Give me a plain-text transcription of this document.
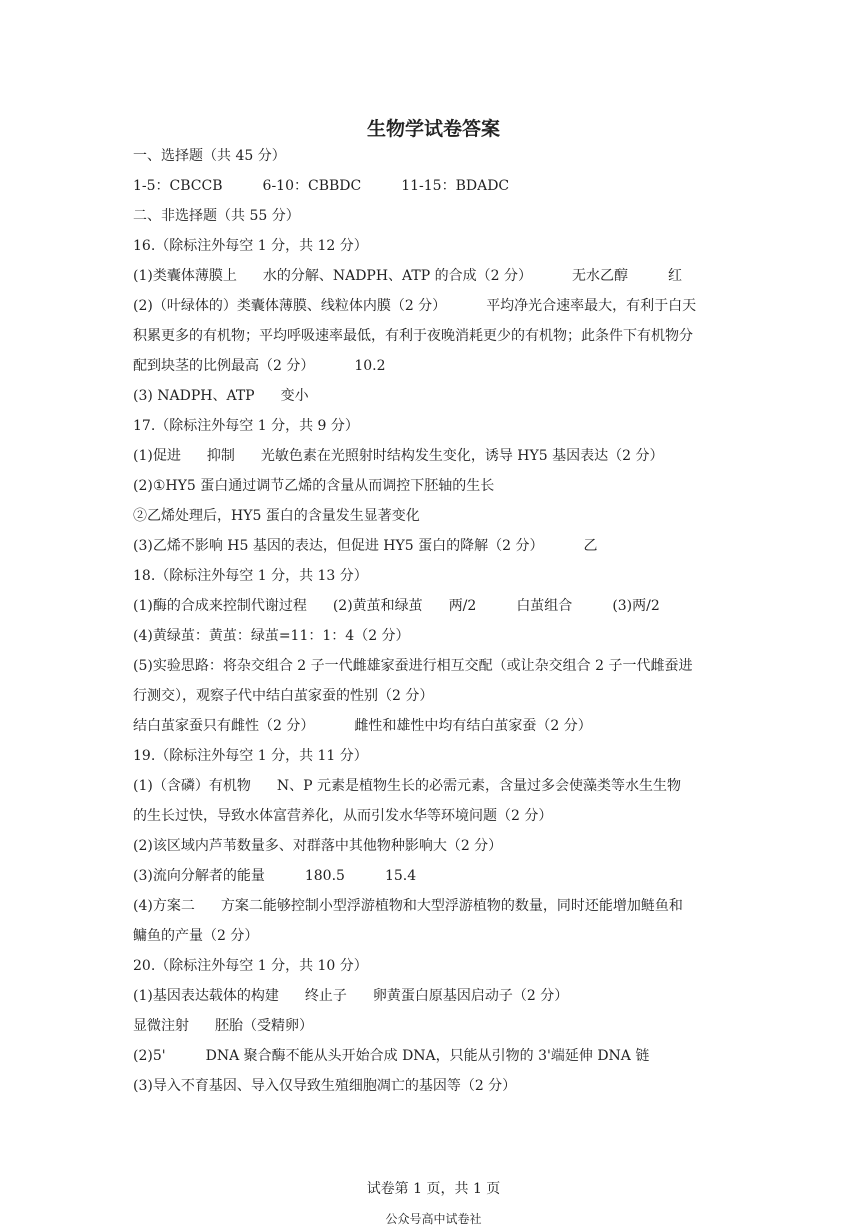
生物学试卷答案
一、选择题（共 45 分）
1-5：CBCCB	6-10：CBBDC	11-15：BDADC
二、非选择题（共 55 分）
16.（除标注外每空 1 分，共 12 分）
(1)类囊体薄膜上 水的分解、NADPH、ATP 的合成（2 分）	无水乙醇	红
(2)（叶绿体的）类囊体薄膜、线粒体内膜（2 分）	平均净光合速率最大，有利于白天
积累更多的有机物；平均呼吸速率最低，有利于夜晚消耗更少的有机物；此条件下有机物分
配到块茎的比例最高（2 分）	10.2
(3) NADPH、ATP 变小
17.（除标注外每空 1 分，共 9 分）
(1)促进 抑制 光敏色素在光照射时结构发生变化，诱导 HY5 基因表达（2 分）
(2)①HY5 蛋白通过调节乙烯的含量从而调控下胚轴的生长
②乙烯处理后，HY5 蛋白的含量发生显著变化
(3)乙烯不影响 H5 基因的表达，但促进 HY5 蛋白的降解（2 分）	乙
18.（除标注外每空 1 分，共 13 分）
(1)酶的合成来控制代谢过程 (2)黄茧和绿茧 两/2	白茧组合	(3)两/2
(4)黄绿茧：黄茧：绿茧=11：1：4（2 分）
(5)实验思路：将杂交组合 2 子一代雌雄家蚕进行相互交配（或让杂交组合 2 子一代雌蚕进
行测交），观察子代中结白茧家蚕的性别（2 分）
结白茧家蚕只有雌性（2 分）	雌性和雄性中均有结白茧家蚕（2 分）
19.（除标注外每空 1 分，共 11 分）
(1)（含磷）有机物 N、P 元素是植物生长的必需元素，含量过多会使藻类等水生生物
的生长过快，导致水体富营养化，从而引发水华等环境问题（2 分）
(2)该区域内芦苇数量多、对群落中其他物种影响大（2 分）
(3)流向分解者的能量	180.5	15.4
(4)方案二 方案二能够控制小型浮游植物和大型浮游植物的数量，同时还能增加鲢鱼和
鳙鱼的产量（2 分）
20.（除标注外每空 1 分，共 10 分）
(1)基因表达载体的构建 终止子 卵黄蛋白原基因启动子（2 分）
显微注射 胚胎（受精卵）
(2)5'	DNA 聚合酶不能从头开始合成 DNA，只能从引物的 3'端延伸 DNA 链
(3)导入不育基因、导入仅导致生殖细胞凋亡的基因等（2 分）
试卷第 1 页，共 1 页
公众号高中试卷社
